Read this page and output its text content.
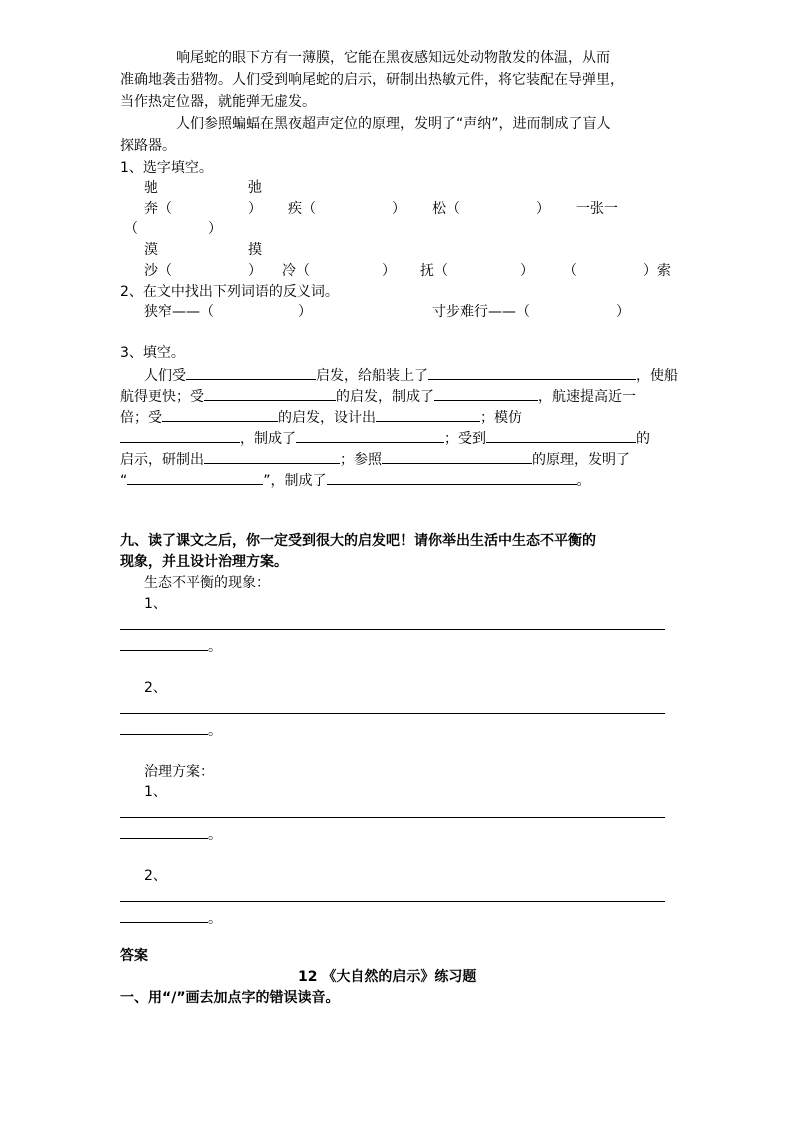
响尾蛇的眼下方有一薄膜，它能在黑夜感知远处动物散发的体温，从而
准确地袭击猎物。人们受到响尾蛇的启示，研制出热敏元件，将它装配在导弹里，
当作热定位器，就能弹无虚发。
人们参照蝙蝠在黑夜超声定位的原理，发明了“声纳”，进而制成了盲人
探路器。
1、选字填空。
驰	弛
奔（	） 疾（	） 松（	） 一张一
（	）
漠	摸
沙（	） 冷（	） 抚（	） （	）索
2、在文中找出下列词语的反义词。
狭窄——（	）	寸步难行——（	）
3、填空。
人们受	启发，给船装上了	，使船
航得更快；受	的启发，制成了	，航速提高近一
倍；受	的启发，设计出	；模仿
，制成了	；受到	的
启示，研制出	；参照	的原理，发明了
“	”，制成了	。
九、读了课文之后，你一定受到很大的启发吧！请你举出生活中生态不平衡的
现象，并且设计治理方案。
生态不平衡的现象：
1、
。
2、
。
治理方案：
1、
。
2、
。
答案
12 《大自然的启示》练习题
一、用“/”画去加点字的错误读音。
